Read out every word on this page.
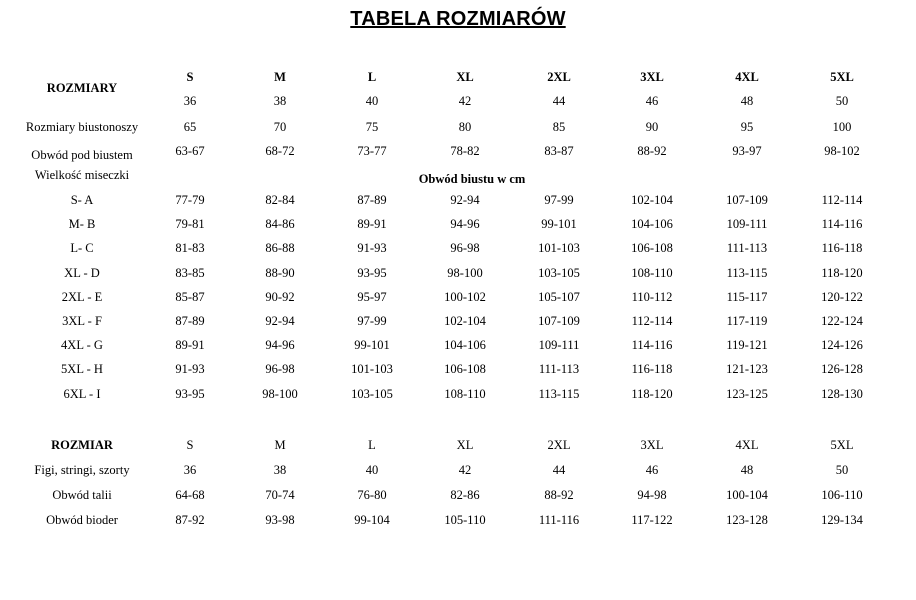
TABELA ROZMIARÓW
ROZMIARY
S	M	L	XL	2XL	3XL	4XL	5XL
36	38	40	42	44	46	48	50
Rozmiary biustonoszy	65	70	75	80	85	90	95	100
Obwód pod biustem	63-67	68-72	73-77	78-82	83-87	88-92	93-97	98-102
Wielkość miseczki	Obwód biustu w cm
S- A	77-79	82-84	87-89	92-94	97-99	102-104	107-109	112-114
M- B	79-81	84-86	89-91	94-96	99-101	104-106	109-111	114-116
L- C	81-83	86-88	91-93	96-98	101-103	106-108	111-113	116-118
XL - D	83-85	88-90	93-95	98-100	103-105	108-110	113-115	118-120
2XL - E	85-87	90-92	95-97	100-102	105-107	110-112	115-117	120-122
3XL - F	87-89	92-94	97-99	102-104	107-109	112-114	117-119	122-124
4XL - G	89-91	94-96	99-101	104-106	109-111	114-116	119-121	124-126
5XL - H	91-93	96-98	101-103	106-108	111-113	116-118	121-123	126-128
6XL - I	93-95	98-100	103-105	108-110	113-115	118-120	123-125	128-130
ROZMIAR	S	M	L	XL	2XL	3XL	4XL	5XL
Figi, stringi, szorty	36	38	40	42	44	46	48	50
Obwód talii	64-68	70-74	76-80	82-86	88-92	94-98	100-104	106-110
Obwód bioder	87-92	93-98	99-104	105-110	111-116	117-122	123-128	129-134
